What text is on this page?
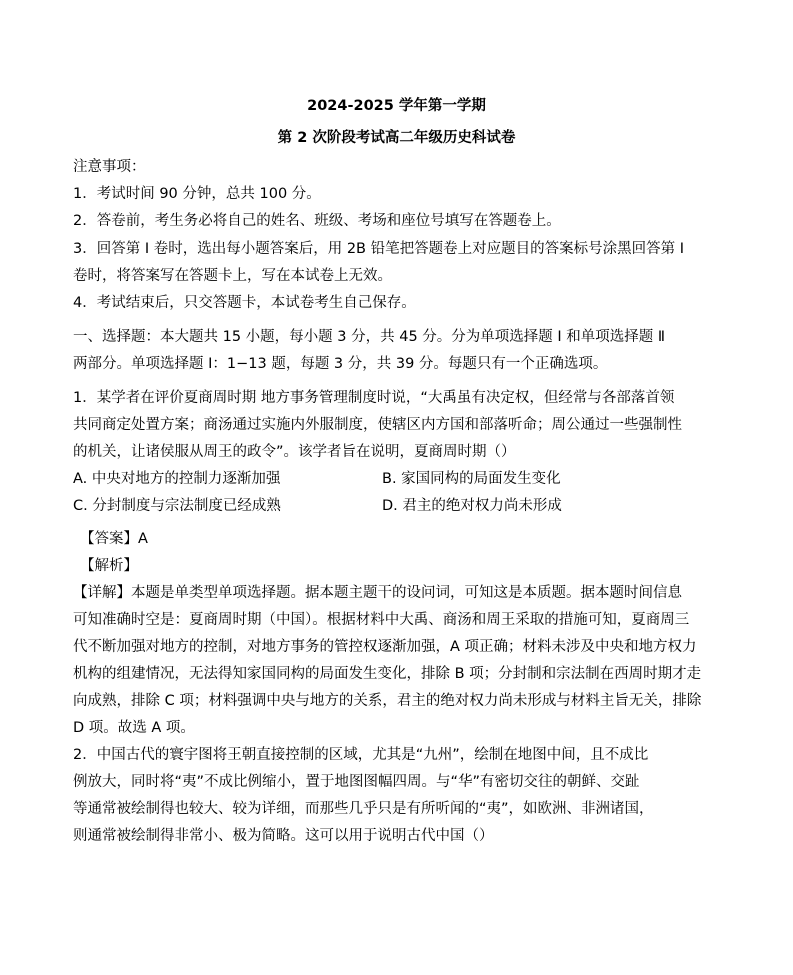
2024-2025 学年第一学期
第 2 次阶段考试高二年级历史科试卷
注意事项：
1．考试时间 90 分钟，总共 100 分。
2．答卷前，考生务必将自己的姓名、班级、考场和座位号填写在答题卷上。
3．回答第 I 卷时，选出每小题答案后，用 2B 铅笔把答题卷上对应题目的答案标号涂黑回答第 I
卷时，将答案写在答题卡上，写在本试卷上无效。
4．考试结束后，只交答题卡，本试卷考生自己保存。
一、选择题：本大题共 15 小题，每小题 3 分，共 45 分。分为单项选择题 I 和单项选择题 Ⅱ
两部分。单项选择题 I：1−13 题，每题 3 分，共 39 分。每题只有一个正确选项。
1．某学者在评价夏商周时期 地方事务管理制度时说，“大禹虽有决定权，但经常与各部落首领
共同商定处置方案；商汤通过实施内外服制度，使辖区内方国和部落听命；周公通过一些强制性
的机关，让诸侯服从周王的政令”。该学者旨在说明，夏商周时期（）
A. 中央对地方的控制力逐渐加强	B. 家国同构的局面发生变化
C. 分封制度与宗法制度已经成熟	D. 君主的绝对权力尚未形成
【答案】A
【解析】
【详解】本题是单类型单项选择题。据本题主题干的设问词，可知这是本质题。据本题时间信息
可知准确时空是：夏商周时期（中国）。根据材料中大禹、商汤和周王采取的措施可知，夏商周三
代不断加强对地方的控制，对地方事务的管控权逐渐加强，A 项正确；材料未涉及中央和地方权力
机构的组建情况，无法得知家国同构的局面发生变化，排除 B 项；分封制和宗法制在西周时期才走
向成熟，排除 C 项；材料强调中央与地方的关系，君主的绝对权力尚未形成与材料主旨无关，排除
D 项。故选 A 项。
2．中国古代的寰宇图将王朝直接控制的区域，尤其是“九州”，绘制在地图中间，且不成比
例放大，同时将“夷”不成比例缩小，置于地图图幅四周。与“华”有密切交往的朝鲜、交趾
等通常被绘制得也较大、较为详细，而那些几乎只是有所听闻的“夷”，如欧洲、非洲诸国，
则通常被绘制得非常小、极为简略。这可以用于说明古代中国（）
